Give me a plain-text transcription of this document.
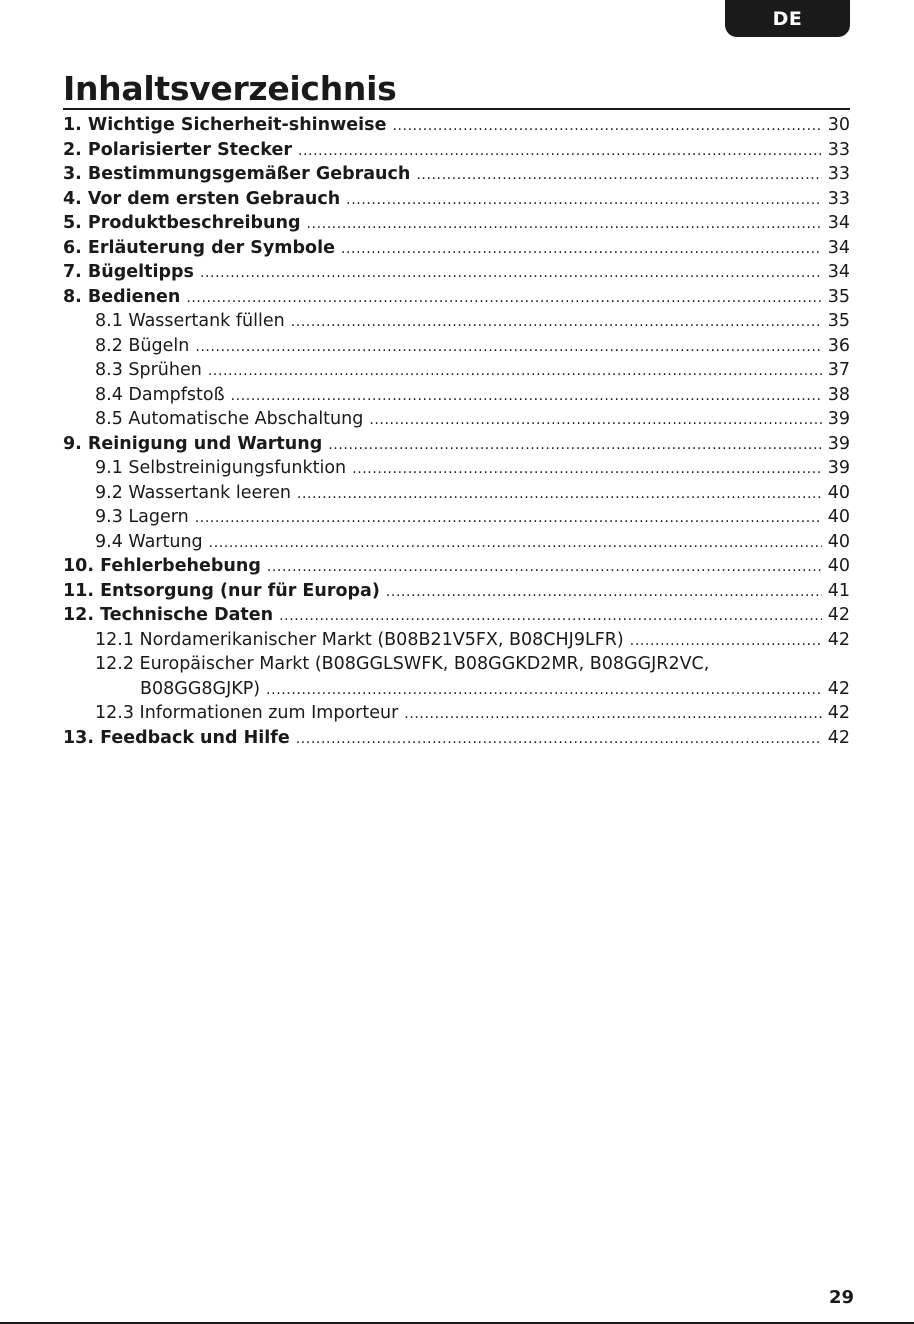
DE
Inhaltsverzeichnis
1. Wichtige Sicherheit-shinweise .....	30
2. Polarisierter Stecker .....	33
3. Bestimmungsgemäßer Gebrauch .....	33
4. Vor dem ersten Gebrauch .....	33
5. Produktbeschreibung .....	34
6. Erläuterung der Symbole .....	34
7. Bügeltipps .....	34
8. Bedienen .....	35
8.1 Wassertank füllen .....	35
8.2 Bügeln .....	36
8.3 Sprühen .....	37
8.4 Dampfstoß .....	38
8.5 Automatische Abschaltung .....	39
9. Reinigung und Wartung .....	39
9.1 Selbstreinigungsfunktion .....	39
9.2 Wassertank leeren .....	40
9.3 Lagern .....	40
9.4 Wartung .....	40
10. Fehlerbehebung .....	40
11. Entsorgung (nur für Europa) .....	41
12. Technische Daten .....	42
12.1 Nordamerikanischer Markt (B08B21V5FX, B08CHJ9LFR) .....	42
12.2 Europäischer Markt (B08GGLSWFK, B08GGKD2MR, B08GGJR2VC,
B08GG8GJKP) .....	42
12.3 Informationen zum Importeur .....	42
13. Feedback und Hilfe .....	42
29
